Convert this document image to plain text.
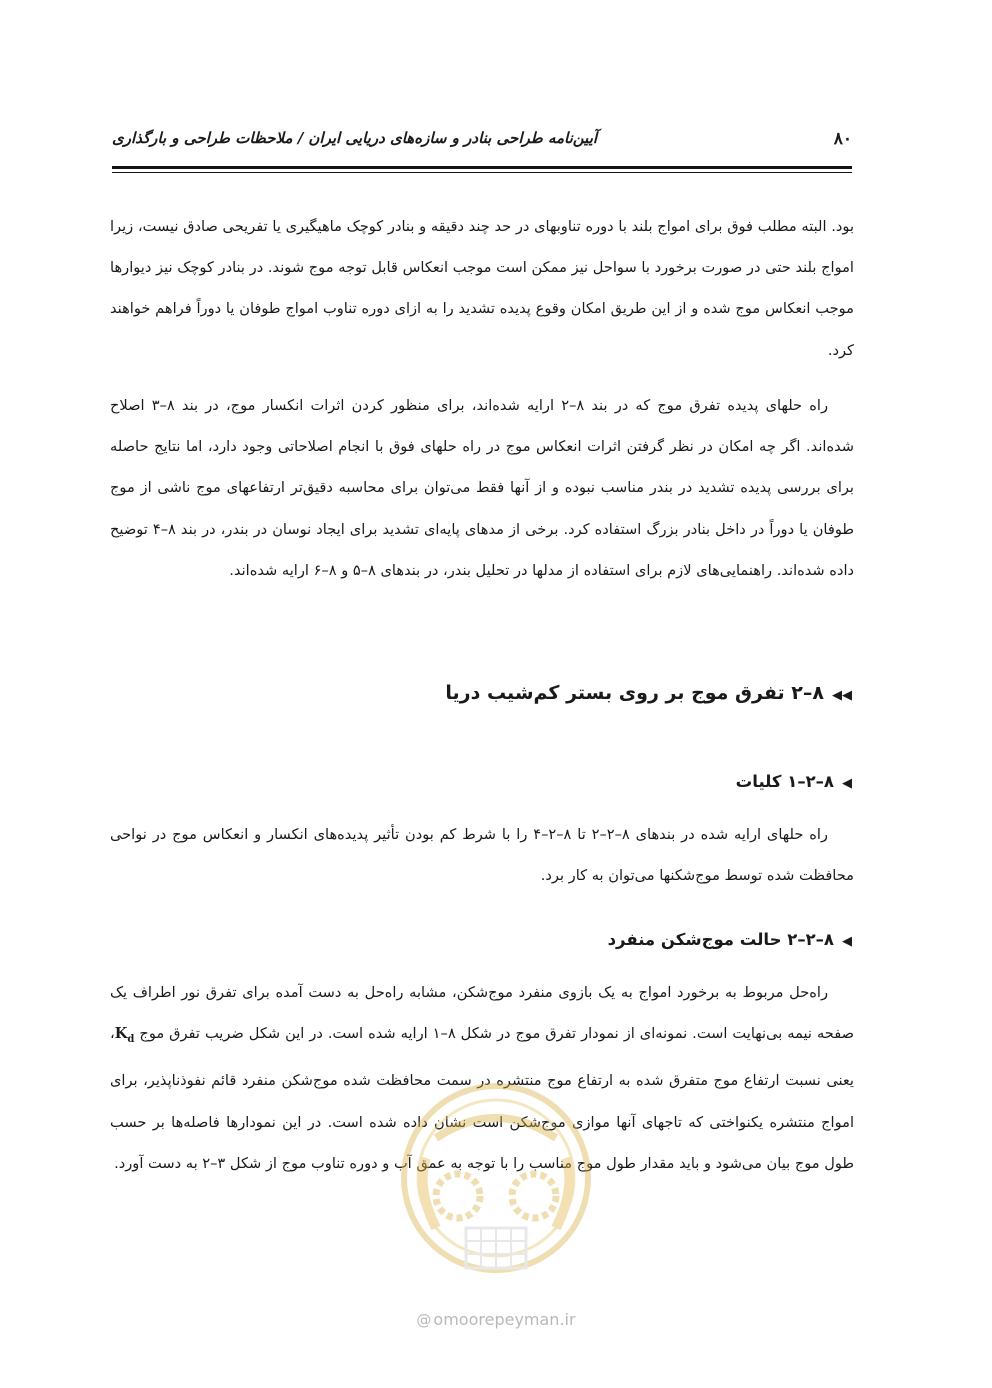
۸۰
آیین‌نامه طراحی بنادر و سازه‌های دریایی ایران / ملاحظات طراحی و بارگذاری

بود. البته مطلب فوق برای امواج بلند با دوره تناوبهای در حد چند دقیقه و بنادر کوچک ماهیگیری یا تفریحی صادق نیست، زیرا امواج بلند حتی در صورت برخورد با سواحل نیز ممکن است موجب انعکاس قابل توجه موج شوند. در بنادر کوچک نیز دیوارها موجب انعکاس موج شده و از این طریق امکان وقوع پدیده تشدید را به ازای دوره تناوب امواج طوفان یا دوراً فراهم خواهند کرد.

راه حلهای پدیده تفرق موج که در بند ۸–۲ ارایه شده‌اند، برای منظور کردن اثرات انکسار موج، در بند ۸–۳ اصلاح شده‌اند. اگر چه امکان در نظر گرفتن اثرات انعکاس موج در راه حلهای فوق با انجام اصلاحاتی وجود دارد، اما نتایج حاصله برای بررسی پدیده تشدید در بندر مناسب نبوده و از آنها فقط می‌توان برای محاسبه دقیق‌تر ارتفاعهای موج ناشی از موج طوفان یا دوراً در داخل بنادر بزرگ استفاده کرد. برخی از مدهای پایه‌ای تشدید برای ایجاد نوسان در بندر، در بند ۸–۴ توضیح داده شده‌اند. راهنمایی‌های لازم برای استفاده از مدلها در تحلیل بندر، در بندهای ۸–۵ و ۸–۶ ارایه شده‌اند.

◀◀۸–۲ تفرق موج بر روی بستر کم‌شیب دریا
◀۸–۲–۱ کلیات

راه حلهای ارایه شده در بندهای ۸–۲–۲ تا ۸–۲–۴ را با شرط کم بودن تأثیر پدیده‌های انکسار و انعکاس موج در نواحی محافظت شده توسط موج‌شکنها می‌توان به کار برد.

◀۸–۲–۲ حالت موج‌شکن منفرد

راه‌حل مربوط به برخورد امواج به یک بازوی منفرد موج‌شکن، مشابه راه‌حل به دست آمده برای تفرق نور اطراف یک صفحه نیمه بی‌نهایت است. نمونه‌ای از نمودار تفرق موج در شکل ۸–۱ ارایه شده است. در این شکل ضریب تفرق موج $K_d،$ یعنی نسبت ارتفاع موج متفرق شده به ارتفاع موج منتشره در سمت محافظت شده موج‌شکن منفرد قائم نفوذناپذیر، برای امواج منتشره یکنواختی که تاجهای آنها موازی موج‌شکن است نشان داده شده است. در این نمودارها فاصله‌ها بر حسب طول موج بیان می‌شود و باید مقدار طول موج مناسب را با توجه به عمق آب و دوره تناوب موج از شکل ۳–۲ به دست آورد.

@ omoorepeyman.ir
